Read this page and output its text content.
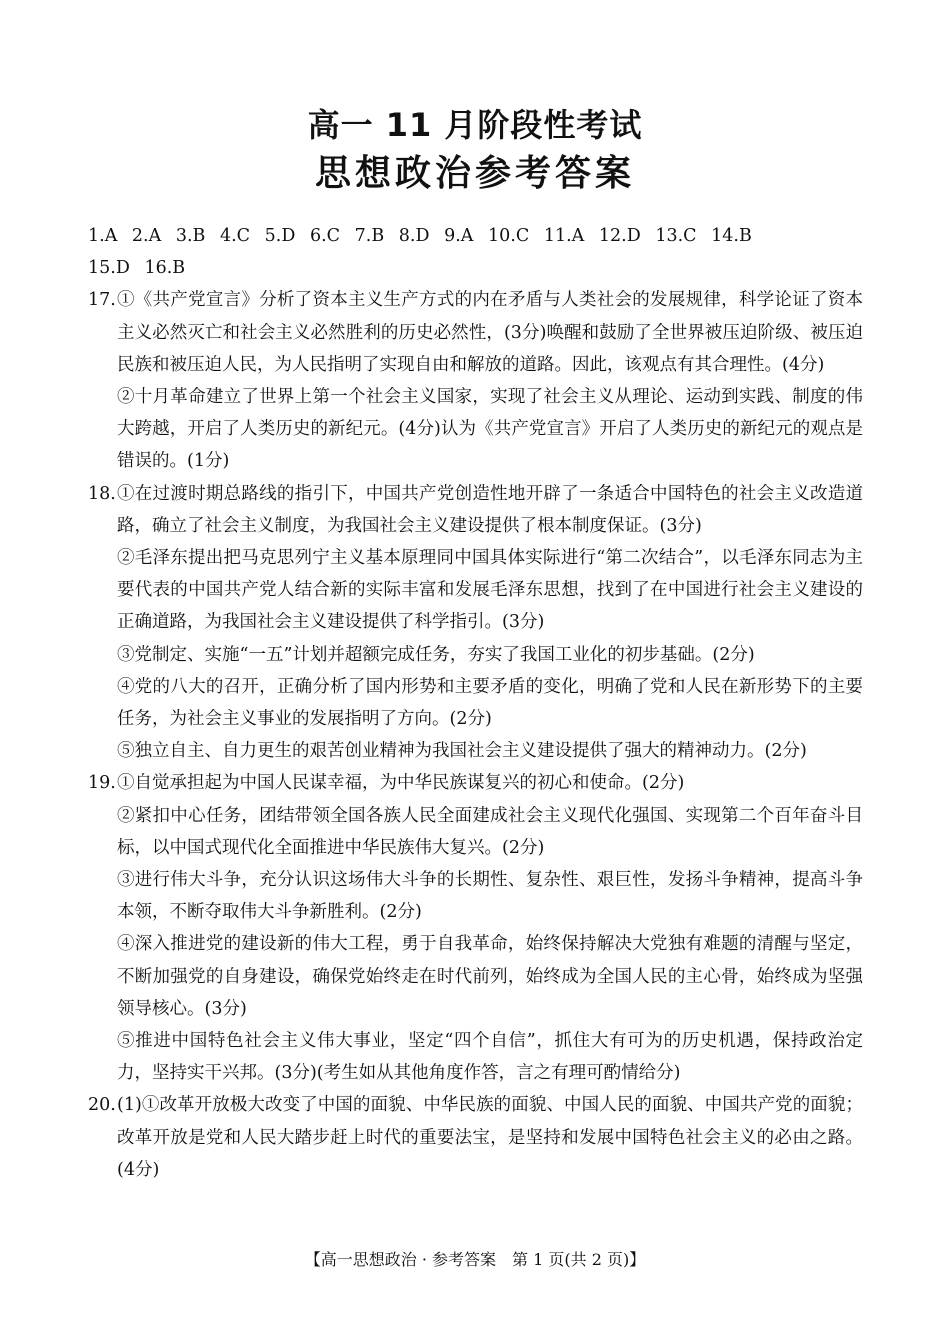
高一 11 月阶段性考试
思想政治参考答案
1.A 2.A 3.B 4.C 5.D 6.C 7.B 8.D 9.A 10.C 11.A 12.D 13.C 14.B
15.D 16.B
17. ①《共产党宣言》分析了资本主义生产方式的内在矛盾与人类社会的发展规律，科学论证了资本主义必然灭亡和社会主义必然胜利的历史必然性，(3分)唤醒和鼓励了全世界被压迫阶级、被压迫民族和被压迫人民，为人民指明了实现自由和解放的道路。因此，该观点有其合理性。(4分)

②十月革命建立了世界上第一个社会主义国家，实现了社会主义从理论、运动到实践、制度的伟大跨越，开启了人类历史的新纪元。(4分)认为《共产党宣言》开启了人类历史的新纪元的观点是错误的。(1分)

18. ①在过渡时期总路线的指引下，中国共产党创造性地开辟了一条适合中国特色的社会主义改造道路，确立了社会主义制度，为我国社会主义建设提供了根本制度保证。(3分)

②毛泽东提出把马克思列宁主义基本原理同中国具体实际进行“第二次结合”，以毛泽东同志为主要代表的中国共产党人结合新的实际丰富和发展毛泽东思想，找到了在中国进行社会主义建设的正确道路，为我国社会主义建设提供了科学指引。(3分)

③党制定、实施“一五”计划并超额完成任务，夯实了我国工业化的初步基础。(2分)

④党的八大的召开，正确分析了国内形势和主要矛盾的变化，明确了党和人民在新形势下的主要任务，为社会主义事业的发展指明了方向。(2分)

⑤独立自主、自力更生的艰苦创业精神为我国社会主义建设提供了强大的精神动力。(2分)

19. ①自觉承担起为中国人民谋幸福，为中华民族谋复兴的初心和使命。(2分)

②紧扣中心任务，团结带领全国各族人民全面建成社会主义现代化强国、实现第二个百年奋斗目标，以中国式现代化全面推进中华民族伟大复兴。(2分)

③进行伟大斗争，充分认识这场伟大斗争的长期性、复杂性、艰巨性，发扬斗争精神，提高斗争本领，不断夺取伟大斗争新胜利。(2分)

④深入推进党的建设新的伟大工程，勇于自我革命，始终保持解决大党独有难题的清醒与坚定，不断加强党的自身建设，确保党始终走在时代前列，始终成为全国人民的主心骨，始终成为坚强领导核心。(3分)

⑤推进中国特色社会主义伟大事业，坚定“四个自信”，抓住大有可为的历史机遇，保持政治定力，坚持实干兴邦。(3分)(考生如从其他角度作答，言之有理可酌情给分)

20. (1)①改革开放极大改变了中国的面貌、中华民族的面貌、中国人民的面貌、中国共产党的面貌；改革开放是党和人民大踏步赶上时代的重要法宝，是坚持和发展中国特色社会主义的必由之路。(4分)

【高一思想政治 · 参考答案　第 1 页(共 2 页)】
